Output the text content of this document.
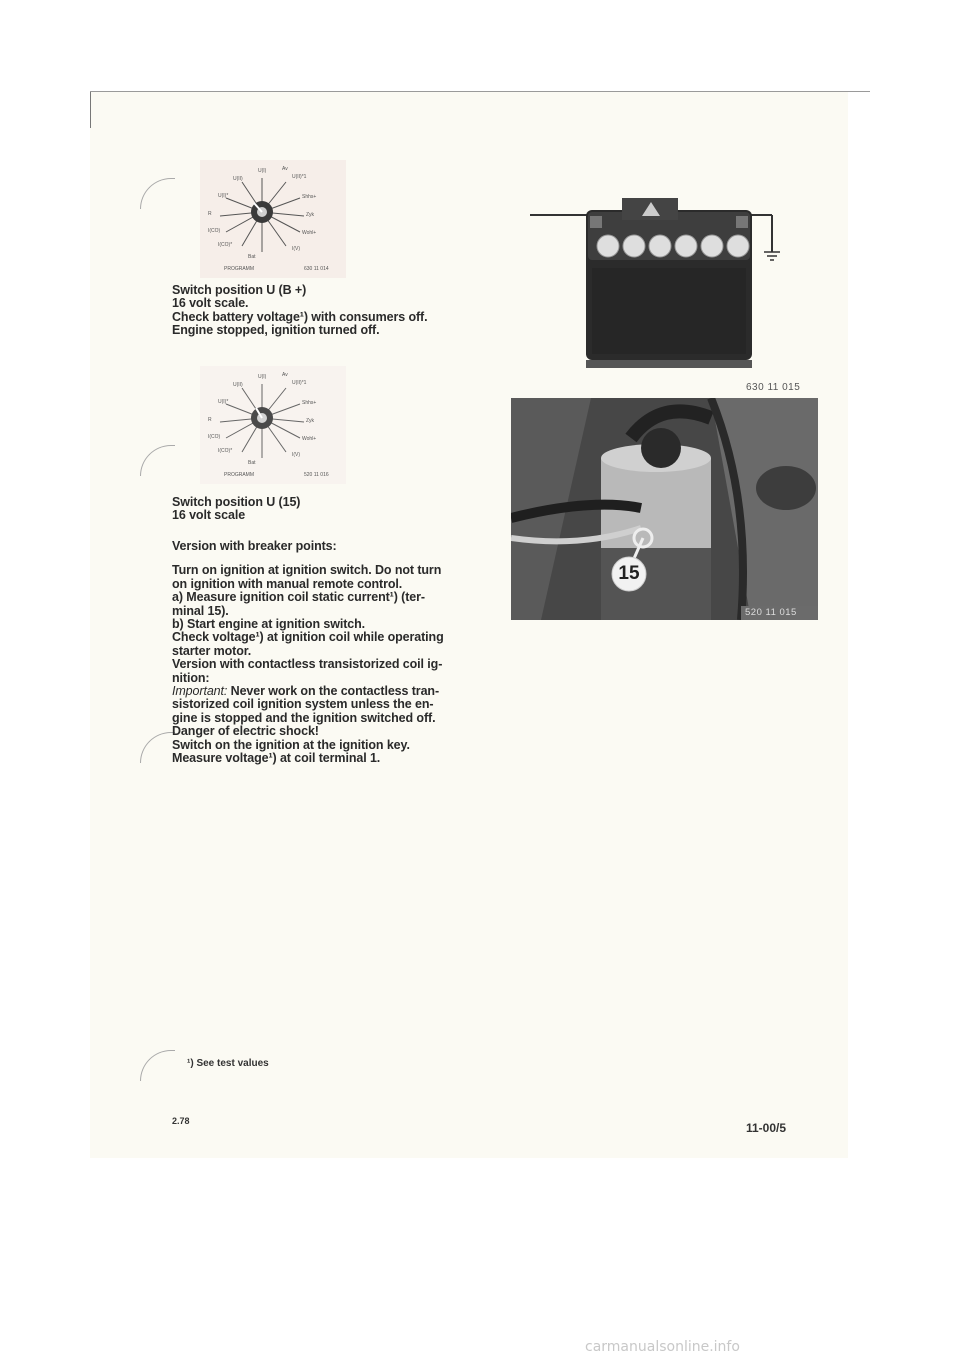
U(I)	Av
U(II)	U(II)*1
U(I)*	Shhs+
R	Zyk
I(CO)	Wohl+
I(CO)*
I(V)
Bat
PROGRAMM	630 11 014

Switch position U (B +)

16 volt scale.

Check battery voltage¹) with consumers off.

Engine stopped, ignition turned off.

U(I)	Av
U(II)	U(II)*1
U(I)*	Shhs+
R	Zyk
I(CO)	Wohl+
I(CO)*
I(V)
Bat
PROGRAMM	520 11 016

Switch position U (15)

16 volt scale

Version with breaker points:

Turn on ignition at ignition switch. Do not turn

on ignition with manual remote control.

a) Measure ignition coil static current¹) (ter-

minal 15).

b) Start engine at ignition switch.

Check voltage¹) at ignition coil while operating

starter motor.

Version with contactless transistorized coil ig-

nition:

Important: Never work on the contactless tran-

sistorized coil ignition system unless the en-

gine is stopped and the ignition switched off.

Danger of electric shock!

Switch on the ignition at the ignition key.

Measure voltage¹) at coil terminal 1.

630 11 015
15
520 11 015
¹) See test values
2.78	11-00/5
carmanualsonline.info
